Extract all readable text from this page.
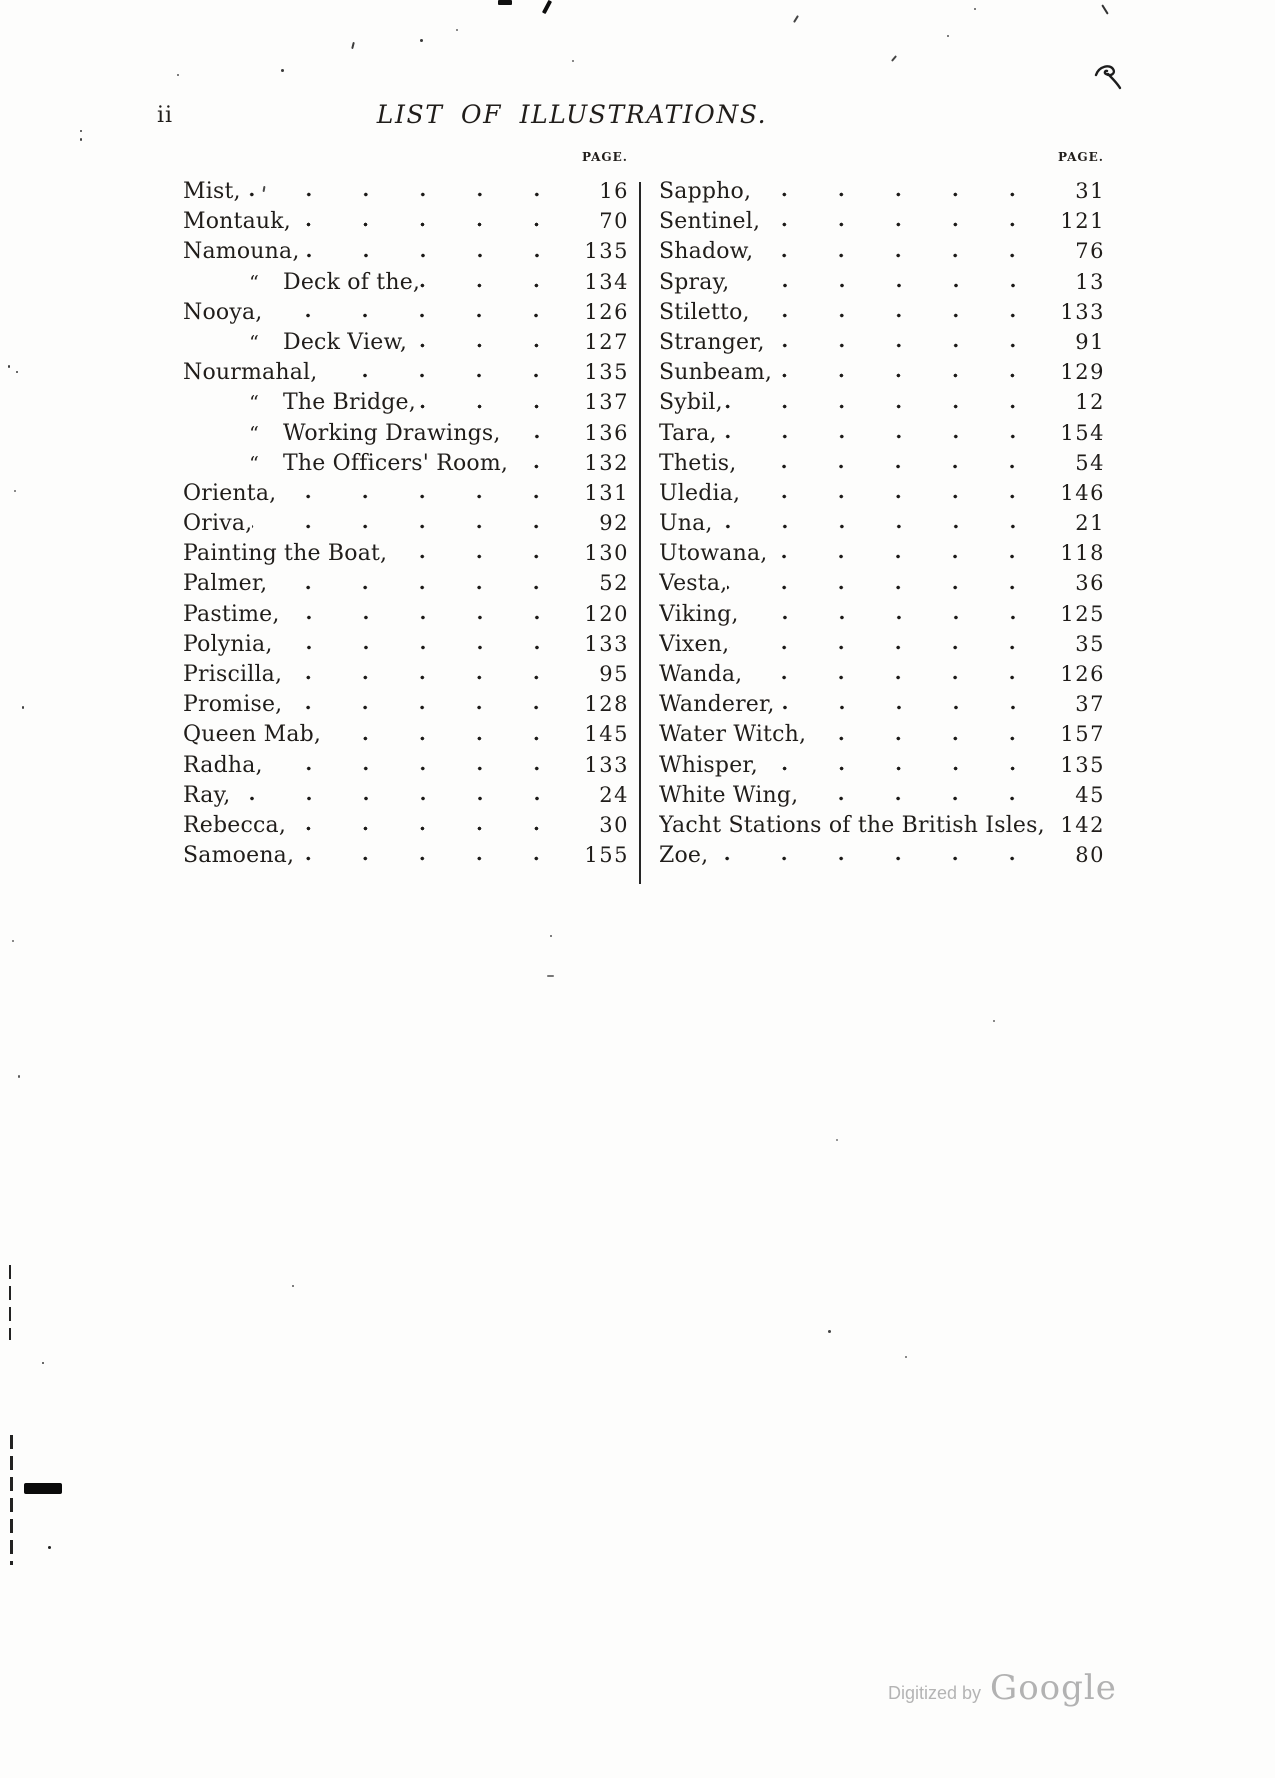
ii	LIST OF ILLUSTRATIONS.
PAGE.
Mist,	16
Montauk,	70
Namouna,	135
“	Deck of the,	134
Nooya,	126
“	Deck View,	127
Nourmahal,	135
“	The Bridge,	137
“	Working Drawings,	136
“	The Officers' Room,	132
Orienta,	131
Oriva,	92
Painting the Boat,	130
Palmer,	52
Pastime,	120
Polynia,	133
Priscilla,	95
Promise,	128
Queen Mab,	145
Radha,	133
Ray,	24
Rebecca,	30
Samoena,	155
PAGE.
Sappho,	31
Sentinel,	121
Shadow,	76
Spray,	13
Stiletto,	133
Stranger,	91
Sunbeam,	129
Sybil,	12
Tara,	154
Thetis,	54
Uledia,	146
Una,	21
Utowana,	118
Vesta,	36
Viking,	125
Vixen,	35
Wanda,	126
Wanderer,	37
Water Witch,	157
Whisper,	135
White Wing,	45
Yacht Stations of the British Isles, 142
Zoe,	80
Digitized by Google
